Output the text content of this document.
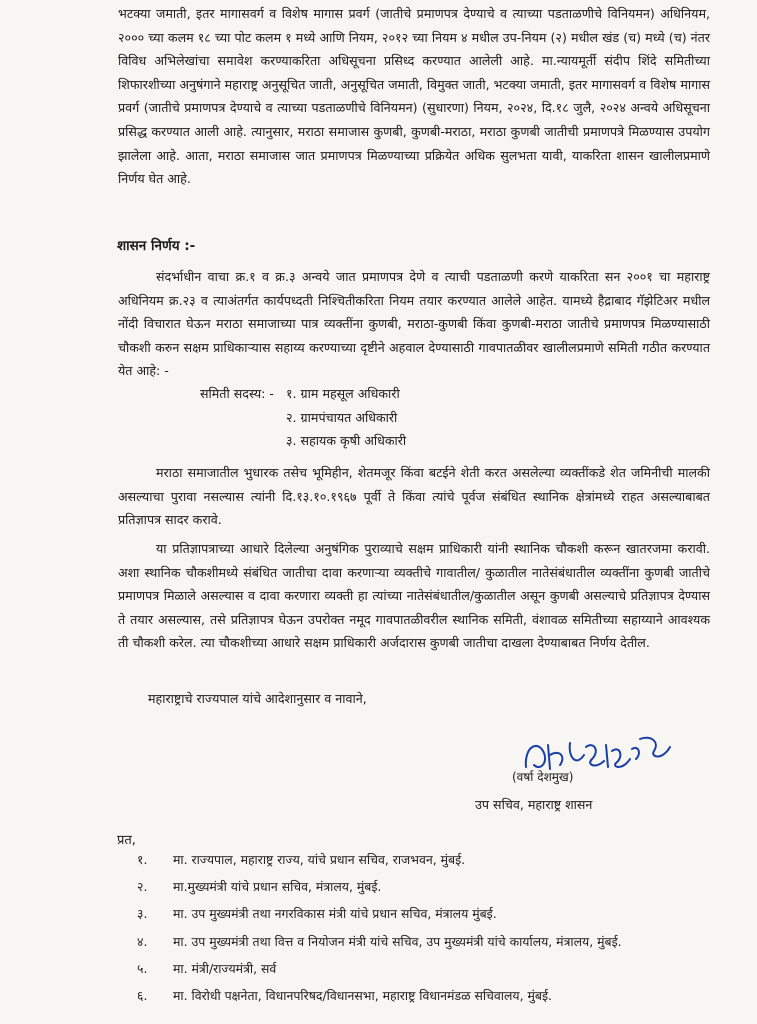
भटक्या जमाती, इतर मागासवर्ग व विशेष मागास प्रवर्ग (जातीचे प्रमाणपत्र देण्याचे व त्याच्या पडताळणीचे विनियमन) अधिनियम, २००० च्या कलम १८ च्या पोट कलम १ मध्ये आणि नियम, २०१२ च्या नियम ४ मधील उप-नियम (२) मधील खंड (च) मध्ये (च) नंतर विविध अभिलेखांचा समावेश करण्याकरिता अधिसूचना प्रसिध्द करण्यात आलेली आहे. मा.न्यायमूर्ती संदीप शिंदे समितीच्या शिफारशीच्या अनुषंगाने महाराष्ट्र अनुसूचित जाती, अनुसूचित जमाती, विमुक्त जाती, भटक्या जमाती, इतर मागासवर्ग व विशेष मागास प्रवर्ग (जातीचे प्रमाणपत्र देण्याचे व त्याच्या पडताळणीचे विनियमन) (सुधारणा) नियम, २०२४, दि.१८ जुलै, २०२४ अन्वये अधिसूचना प्रसिद्ध करण्यात आली आहे. त्यानुसार, मराठा समाजास कुणबी, कुणबी-मराठा, मराठा कुणबी जातीची प्रमाणपत्रे मिळण्यास उपयोग झालेला आहे. आता, मराठा समाजास जात प्रमाणपत्र मिळण्याच्या प्रक्रियेत अधिक सुलभता यावी, याकरिता शासन खालीलप्रमाणे निर्णय घेत आहे.

शासन निर्णय :-

संदर्भाधीन वाचा क्र.१ व क्र.३ अन्वये जात प्रमाणपत्र देणे व त्याची पडताळणी करणे याकरिता सन २००१ चा महाराष्ट्र अधिनियम क्र.२३ व त्याअंतर्गत कार्यपध्दती निश्चितीकरिता नियम तयार करण्यात आलेले आहेत. यामध्ये हैद्राबाद गॅझेटिअर मधील नोंदी विचारात घेऊन मराठा समाजाच्या पात्र व्यक्तींना कुणबी, मराठा-कुणबी किंवा कुणबी-मराठा जातीचे प्रमाणपत्र मिळण्यासाठी चौकशी करुन सक्षम प्राधिकाऱ्यास सहाय्य करण्याच्या दृष्टीने अहवाल देण्यासाठी गावपातळीवर खालीलप्रमाणे समिती गठीत करण्यात येत आहे: -

समिती सदस्य: - १. ग्राम महसूल अधिकारी
२. ग्रामपंचायत अधिकारी
३. सहायक कृषी अधिकारी

मराठा समाजातील भुधारक तसेच भूमिहीन, शेतमजूर किंवा बटईने शेती करत असलेल्या व्यक्तींकडे शेत जमिनीची मालकी असल्याचा पुरावा नसल्यास त्यांनी दि.१३.१०.१९६७ पूर्वी ते किंवा त्यांचे पूर्वज संबंधित स्थानिक क्षेत्रांमध्ये राहत असल्याबाबत प्रतिज्ञापत्र सादर करावे.

या प्रतिज्ञापत्राच्या आधारे दिलेल्या अनुषंगिक पुराव्याचे सक्षम प्राधिकारी यांनी स्थानिक चौकशी करून खातरजमा करावी. अशा स्थानिक चौकशीमध्ये संबंधित जातीचा दावा करणाऱ्या व्यक्तीचे गावातील/ कुळातील नातेसंबंधातील व्यक्तींना कुणबी जातीचे प्रमाणपत्र मिळाले असल्यास व दावा करणारा व्यक्ती हा त्यांच्या नातेसंबंधातील/कुळातील असून कुणबी असल्याचे प्रतिज्ञापत्र देण्यास ते तयार असल्यास, तसे प्रतिज्ञापत्र घेऊन उपरोक्त नमूद गावपातळीवरील स्थानिक समिती, वंशावळ समितीच्या सहाय्याने आवश्यक ती चौकशी करेल. त्या चौकशीच्या आधारे सक्षम प्राधिकारी अर्जदारास कुणबी जातीचा दाखला देण्याबाबत निर्णय देतील.

महाराष्ट्राचे राज्यपाल यांचे आदेशानुसार व नावाने,

(वर्षा देशमुख)

उप सचिव, महाराष्ट्र शासन

प्रत,

१.	मा. राज्यपाल, महाराष्ट्र राज्य, यांचे प्रधान सचिव, राजभवन, मुंबई.
२.	मा.मुख्यमंत्री यांचे प्रधान सचिव, मंत्रालय, मुंबई.
३.	मा. उप मुख्यमंत्री तथा नगरविकास मंत्री यांचे प्रधान सचिव, मंत्रालय मुंबई.
४.	मा. उप मुख्यमंत्री तथा वित्त व नियोजन मंत्री यांचे सचिव, उप मुख्यमंत्री यांचे कार्यालय, मंत्रालय, मुंबई.
५.	मा. मंत्री/राज्यमंत्री, सर्व
६.	मा. विरोधी पक्षनेता, विधानपरिषद/विधानसभा, महाराष्ट्र विधानमंडळ सचिवालय, मुंबई.
